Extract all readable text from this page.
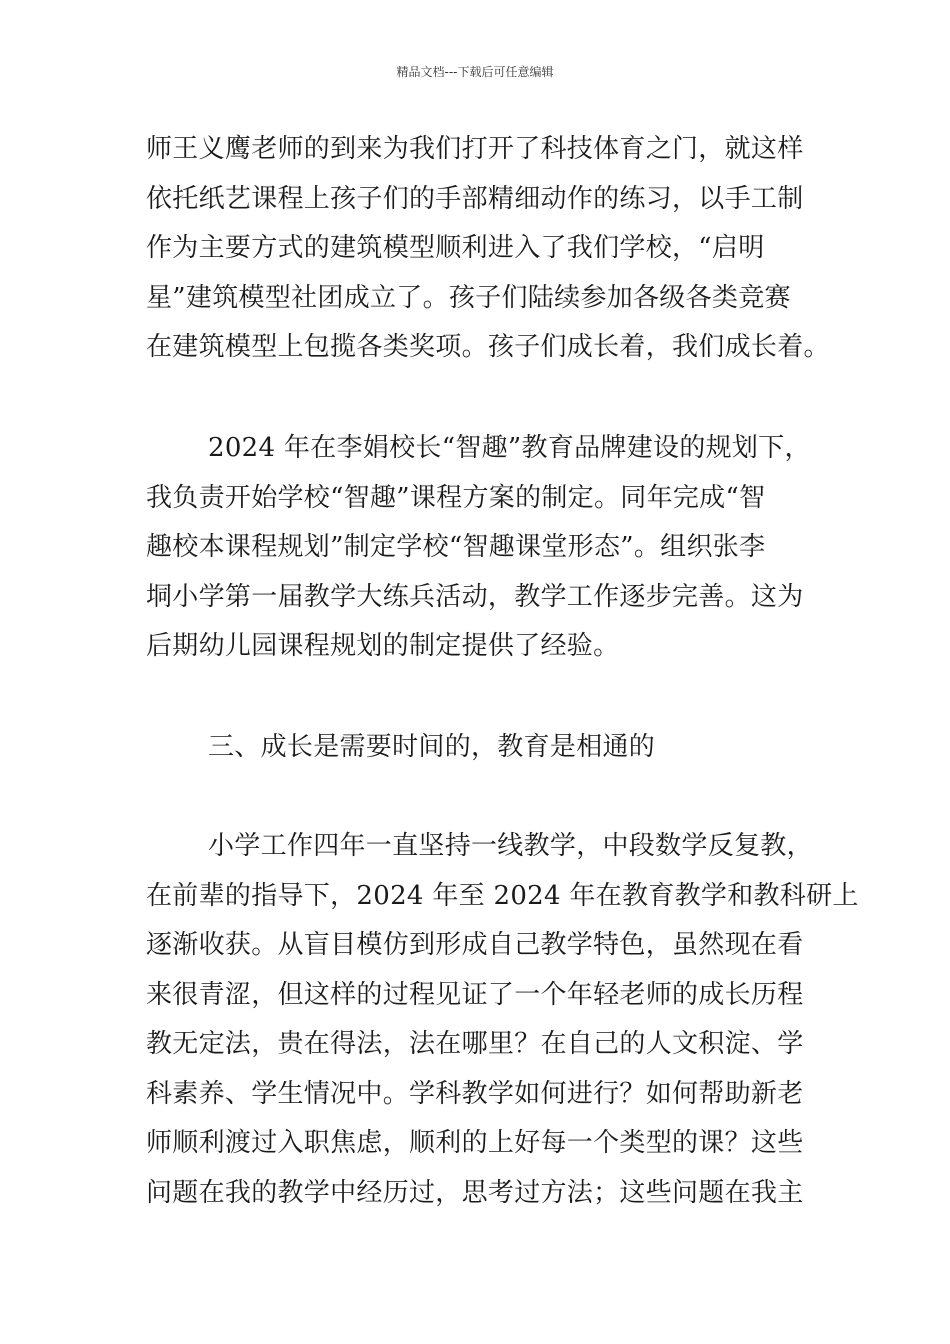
精品文档---下载后可任意编辑
师王义鹰老师的到来为我们打开了科技体育之门，就这样
依托纸艺课程上孩子们的手部精细动作的练习，以手工制
作为主要方式的建筑模型顺利进入了我们学校，“启明
星”建筑模型社团成立了。孩子们陆续参加各级各类竞赛
在建筑模型上包揽各类奖项。孩子们成长着，我们成长着。
2024 年在李娟校长“智趣”教育品牌建设的规划下，
我负责开始学校“智趣”课程方案的制定。同年完成“智
趣校本课程规划”制定学校“智趣课堂形态”。组织张李
垌小学第一届教学大练兵活动，教学工作逐步完善。这为
后期幼儿园课程规划的制定提供了经验。
三、成长是需要时间的，教育是相通的
小学工作四年一直坚持一线教学，中段数学反复教，
在前辈的指导下，2024 年至 2024 年在教育教学和教科研上
逐渐收获。从盲目模仿到形成自己教学特色，虽然现在看
来很青涩，但这样的过程见证了一个年轻老师的成长历程
教无定法，贵在得法，法在哪里？在自己的人文积淀、学
科素养、学生情况中。学科教学如何进行？如何帮助新老
师顺利渡过入职焦虑，顺利的上好每一个类型的课？这些
问题在我的教学中经历过，思考过方法；这些问题在我主
